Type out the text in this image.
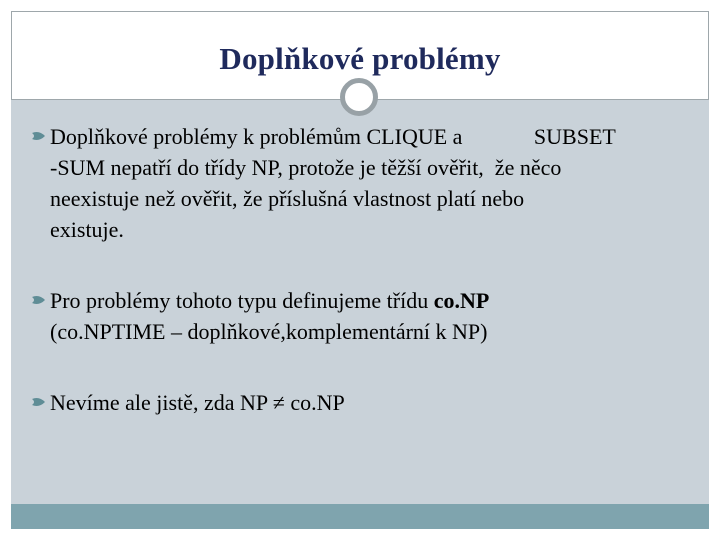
Doplňkové problémy
Doplňkové problémy k problémům CLIQUE a             SUBSET
-SUM nepatří do třídy NP, protože je těžší ověřit,  že něco
neexistuje než ověřit, že příslušná vlastnost platí nebo
existuje.
Pro problémy tohoto typu definujeme třídu co.NP
(co.NPTIME – doplňkové,komplementární k NP)
Nevíme ale jistě, zda NP ≠ co.NP
